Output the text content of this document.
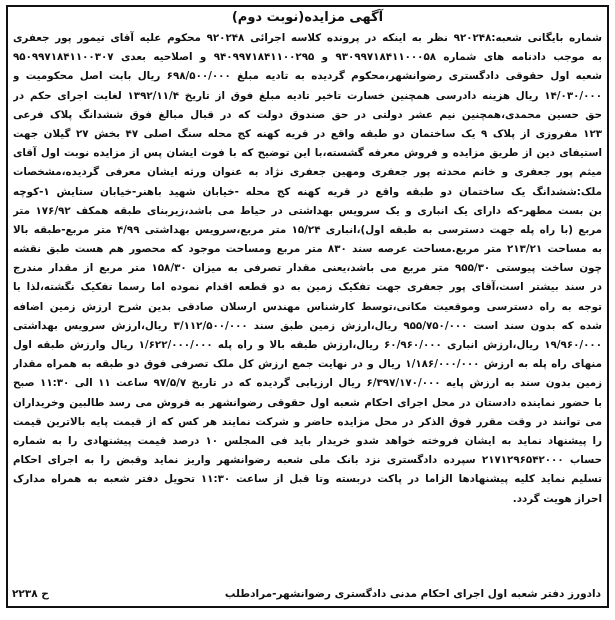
آگهی مزایده(نوبت دوم)
شماره بایگانی شعبه:۹۲۰۲۴۸ نظر به اینکه در پرونده کلاسه اجرائی ۹۲۰۲۴۸ محکوم علیه آقای تیمور پور جعفری
به موجب دادنامه های شماره ۹۳۰۹۹۷۱۸۴۱۱۰۰۰۵۸ و ۹۴۰۹۹۷۱۸۴۱۱۰۰۲۹۵ و اصلاحیه بعدی ۹۵۰۹۹۷۱۸۴۱۱۰۰۳۰۷
شعبه اول حقوقی دادگستری رضوانشهر،محکوم گردیده به تادیه مبلغ ۶۹۸/۵۰۰/۰۰۰ ریال بابت اصل محکومیت و
۱۴/۰۳۰/۰۰۰ ریال هزینه دادرسی همچنین خسارت تاخیر تادیه مبلغ فوق از تاریخ ۱۳۹۲/۱۱/۴ لغایت اجرای حکم در
حق حسین محمدی،همچنین نیم عشر دولتی در حق صندوق دولت که در قبال مبالغ فوق ششدانگ پلاک فرعی
۱۲۳ مفروزی از پلاک ۹ یک ساختمان دو طبقه واقع در قریه کهنه کج محله سنگ اصلی ۴۷ بخش ۲۷ گیلان جهت
استیفای دین از طریق مزایده و فروش معرفه گشسته،با این توضیح که با فوت ایشان پس از مزایده نوبت اول آقای
میثم پور جعفری و خانم محدثه پور جعفری ومهین جعفری نژاد به عنوان ورثه ایشان معرفی گردیده،مشخصات
ملک:ششدانگ یک ساختمان دو طبقه واقع در قریه کهنه کج محله -خیابان شهید باهنر-خیابان ستایش ۱-کوچه
بن بست مطهر-که دارای یک انباری و یک سرویس بهداشتی در حیاط می باشد،زیربنای طبقه همکف ۱۷۶/۹۲ متر
مربع (با راه پله جهت دسترسی به طبقه اول)،انباری ۱۵/۲۴ متر مربع،سرویس بهداشتی ۴/۹۹ متر مربع-طبقه بالا
به مساحت ۲۱۳/۲۱ متر مربع.مساحت عرصه سند ۸۳۰ متر مربع ومساحت موجود که محصور هم هست طبق نقشه
چون ساخت پیوستی ۹۵۵/۳۰ متر مربع می باشد،یعنی مقدار تصرفی به میزان ۱۵۸/۳۰ متر مربع از مقدار مندرج
در سند بیشتر است،آقای پور جعفری جهت تفکیک زمین به دو قطعه اقدام نموده اما رسما تفکیک نگشته،لذا با
توجه به راه دسترسی وموقعیت مکانی،توسط کارشناس مهندس ارسلان صادقی بدین شرح ارزش زمین اضافه
شده که بدون سند است ۹۵۵/۷۵۰/۰۰۰ ریال،ارزش زمین طبق سند ۳/۱۱۲/۵۰۰/۰۰۰ ریال،ارزش سرویس بهداشتی
۱۹/۹۶۰/۰۰۰ ریال،ارزش انباری ۶۰/۹۶۰/۰۰۰ ریال،ارزش طبقه بالا و راه پله ۱/۶۲۲/۰۰۰/۰۰۰ ریال وارزش طبقه اول
منهای راه پله به ارزش ۱/۱۸۶/۰۰۰/۰۰۰ ریال و در نهایت جمع ارزش کل ملک تصرفی فوق دو طبقه به همراه مقدار
زمین بدون سند به ارزش پایه ۶/۳۹۷/۱۷۰/۰۰۰ ریال ارزیابی گردیده که در تاریخ ۹۷/۵/۷ ساعت ۱۱ الی ۱۱:۳۰ صبح
با حضور نماینده دادستان در محل اجرای احکام شعبه اول حقوقی رضوانشهر به فروش می رسد طالبین وخریداران
می توانند در وقت مقرر فوق الذکر در محل مزایده حاضر و شرکت نمایند هر کس که از قیمت پایه بالاترین قیمت
را پیشنهاد نماید به ایشان فروخته خواهد شدو خریدار باید فی المجلس ۱۰ درصد قیمت پیشنهادی را به شماره
حساب ۲۱۷۱۲۹۶۵۴۲۰۰۰ سپرده دادگستری نزد بانک ملی شعبه رضوانشهر واریز نماید وقبض را به اجرای احکام
تسلیم نماید کلیه پیشنهادها الزاما در پاکت دربسته وتا قبل از ساعت ۱۱:۳۰ تحویل دفتر شعبه به همراه مدارک
احراز هویت گردد.
دادورز دفتر شعبه اول اجرای احکام مدنی دادگستری رضوانشهر-مرادطلب
ح ۲۲۳۸
